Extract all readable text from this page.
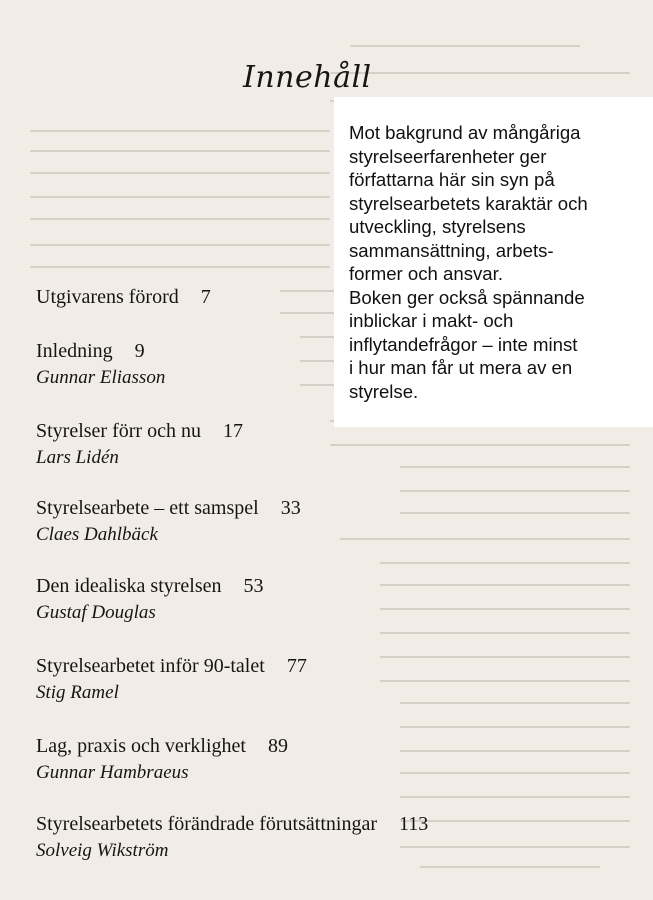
Innehåll
Mot bakgrund av mångåriga
styrelseerfarenheter ger
författarna här sin syn på
styrelsearbetets karaktär och
utveckling, styrelsens
sammansättning, arbets-
former och ansvar.
Boken ger också spännande
inblickar i makt- och
inflytandefrågor – inte minst
i hur man får ut mera av en
styrelse.
Utgivarens förord 7
Inledning 9
Gunnar Eliasson
Styrelser förr och nu 17
Lars Lidén
Styrelsearbete – ett samspel 33
Claes Dahlbäck
Den idealiska styrelsen 53
Gustaf Douglas
Styrelsearbetet inför 90-talet 77
Stig Ramel
Lag, praxis och verklighet 89
Gunnar Hambraeus
Styrelsearbetets förändrade förutsättningar 113
Solveig Wikström
